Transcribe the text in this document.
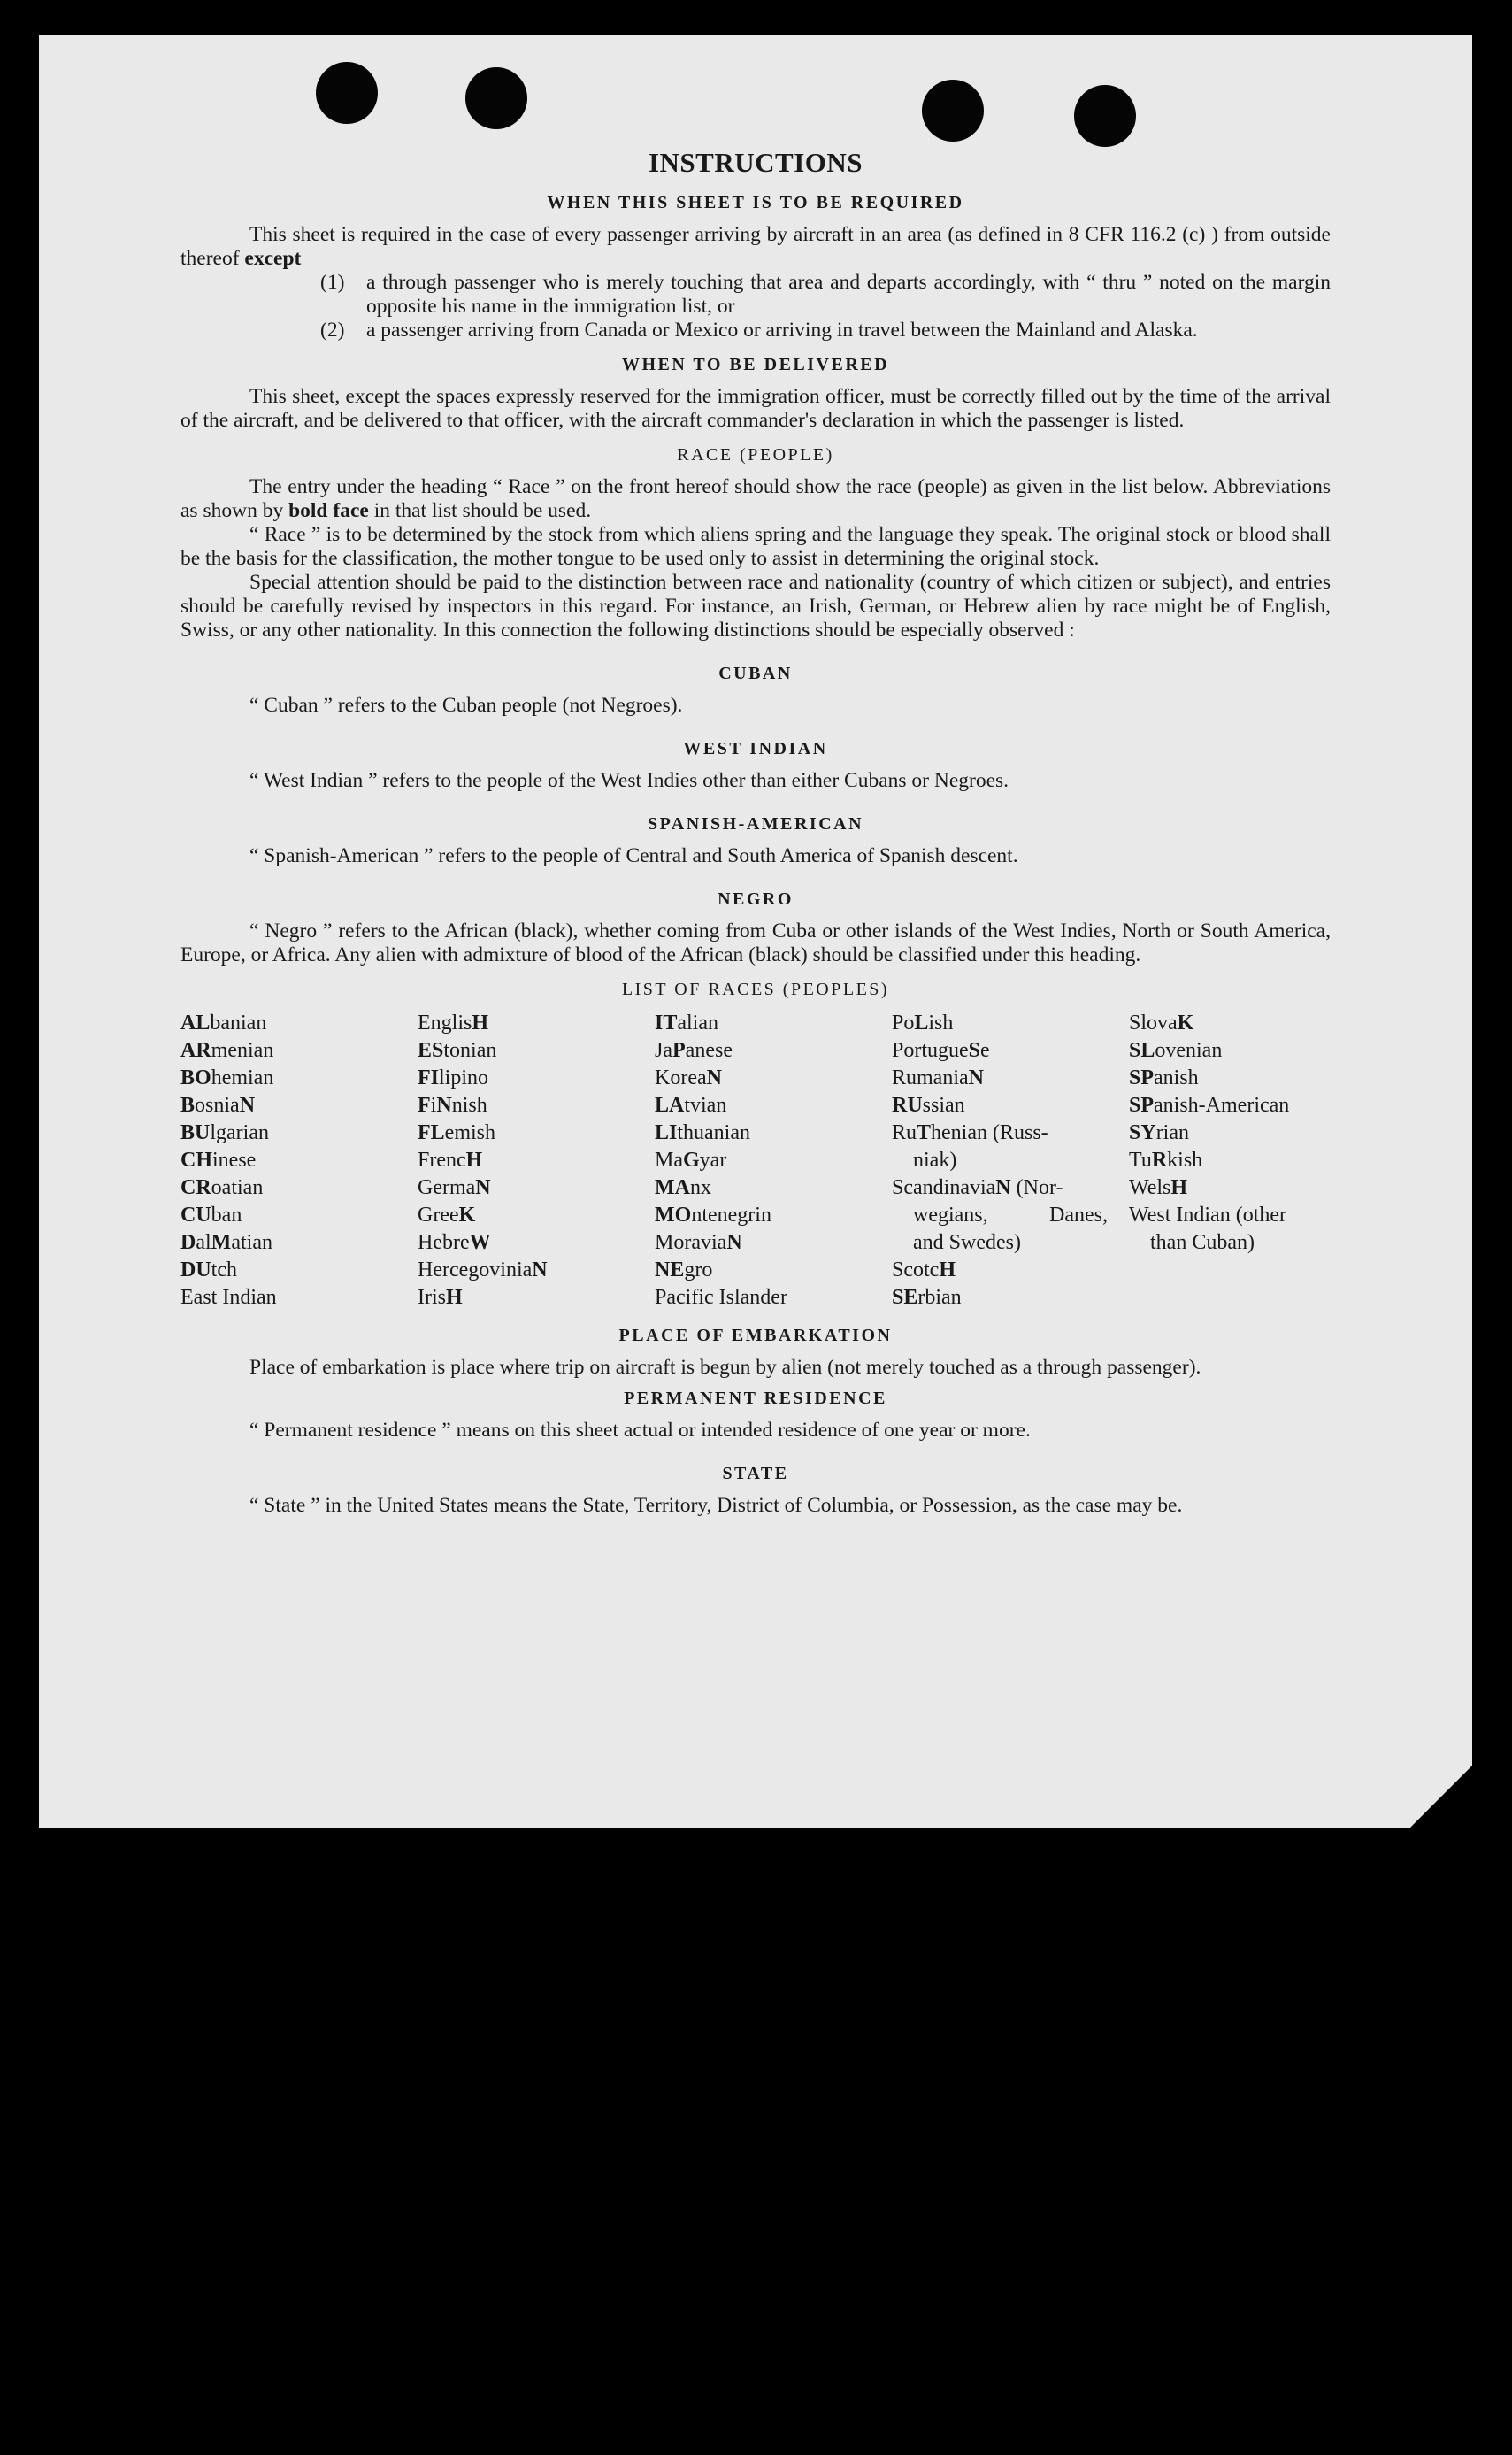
INSTRUCTIONS
WHEN THIS SHEET IS TO BE REQUIRED

This sheet is required in the case of every passenger arriving by aircraft in an area (as defined in 8 CFR 116.2 (c) ) from outside thereof except

(1)	a through passenger who is merely touching that area and departs accordingly, with “ thru ” noted on the margin opposite his name in the immigration list, or
(2)	a passenger arriving from Canada or Mexico or arriving in travel between the Mainland and Alaska.
WHEN TO BE DELIVERED

This sheet, except the spaces expressly reserved for the immigration officer, must be correctly filled out by the time of the arrival of the aircraft, and be delivered to that officer, with the aircraft commander's declaration in which the passenger is listed.

RACE (PEOPLE)

The entry under the heading “ Race ” on the front hereof should show the race (people) as given in the list below. Abbreviations as shown by bold face in that list should be used.

“ Race ” is to be determined by the stock from which aliens spring and the language they speak. The original stock or blood shall be the basis for the classification, the mother tongue to be used only to assist in determining the original stock.

Special attention should be paid to the distinction between race and nationality (country of which citizen or subject), and entries should be carefully revised by inspectors in this regard. For instance, an Irish, German, or Hebrew alien by race might be of English, Swiss, or any other nationality. In this connection the following distinctions should be especially observed :

CUBAN

“ Cuban ” refers to the Cuban people (not Negroes).

WEST INDIAN

“ West Indian ” refers to the people of the West Indies other than either Cubans or Negroes.

SPANISH-AMERICAN

“ Spanish-American ” refers to the people of Central and South America of Spanish descent.

NEGRO

“ Negro ” refers to the African (black), whether coming from Cuba or other islands of the West Indies, North or South America, Europe, or Africa. Any alien with admixture of blood of the African (black) should be classified under this heading.

LIST OF RACES (PEOPLES)
ALbanian
ARmenian
BOhemian
BosniaN
BUlgarian
CHinese
CRoatian
CUban
DalMatian
DUtch
East Indian
EnglisH
EStonian
FIlipino
FiNnish
FLemish
FrencH
GermaN
GreeK
HebreW
HercegoviniaN
IrisH
ITalian
JaPanese
KoreaN
LAtvian
LIthuanian
MaGyar
MAnx
MOntenegrin
MoraviaN
NEgro
Pacific Islander
PoLish
PortugueSe
RumaniaN
RUssian
RuThenian (Russ-
niak)
ScandinaviaN (Nor-
wegians,	Danes,
and Swedes)
ScotcH
SErbian
SlovaK
SLovenian
SPanish
SPanish-American
SYrian
TuRkish
WelsH
West Indian (other
than Cuban)
PLACE OF EMBARKATION

Place of embarkation is place where trip on aircraft is begun by alien (not merely touched as a through passenger).

PERMANENT RESIDENCE

“ Permanent residence ” means on this sheet actual or intended residence of one year or more.

STATE

“ State ” in the United States means the State, Territory, District of Columbia, or Possession, as the case may be.
